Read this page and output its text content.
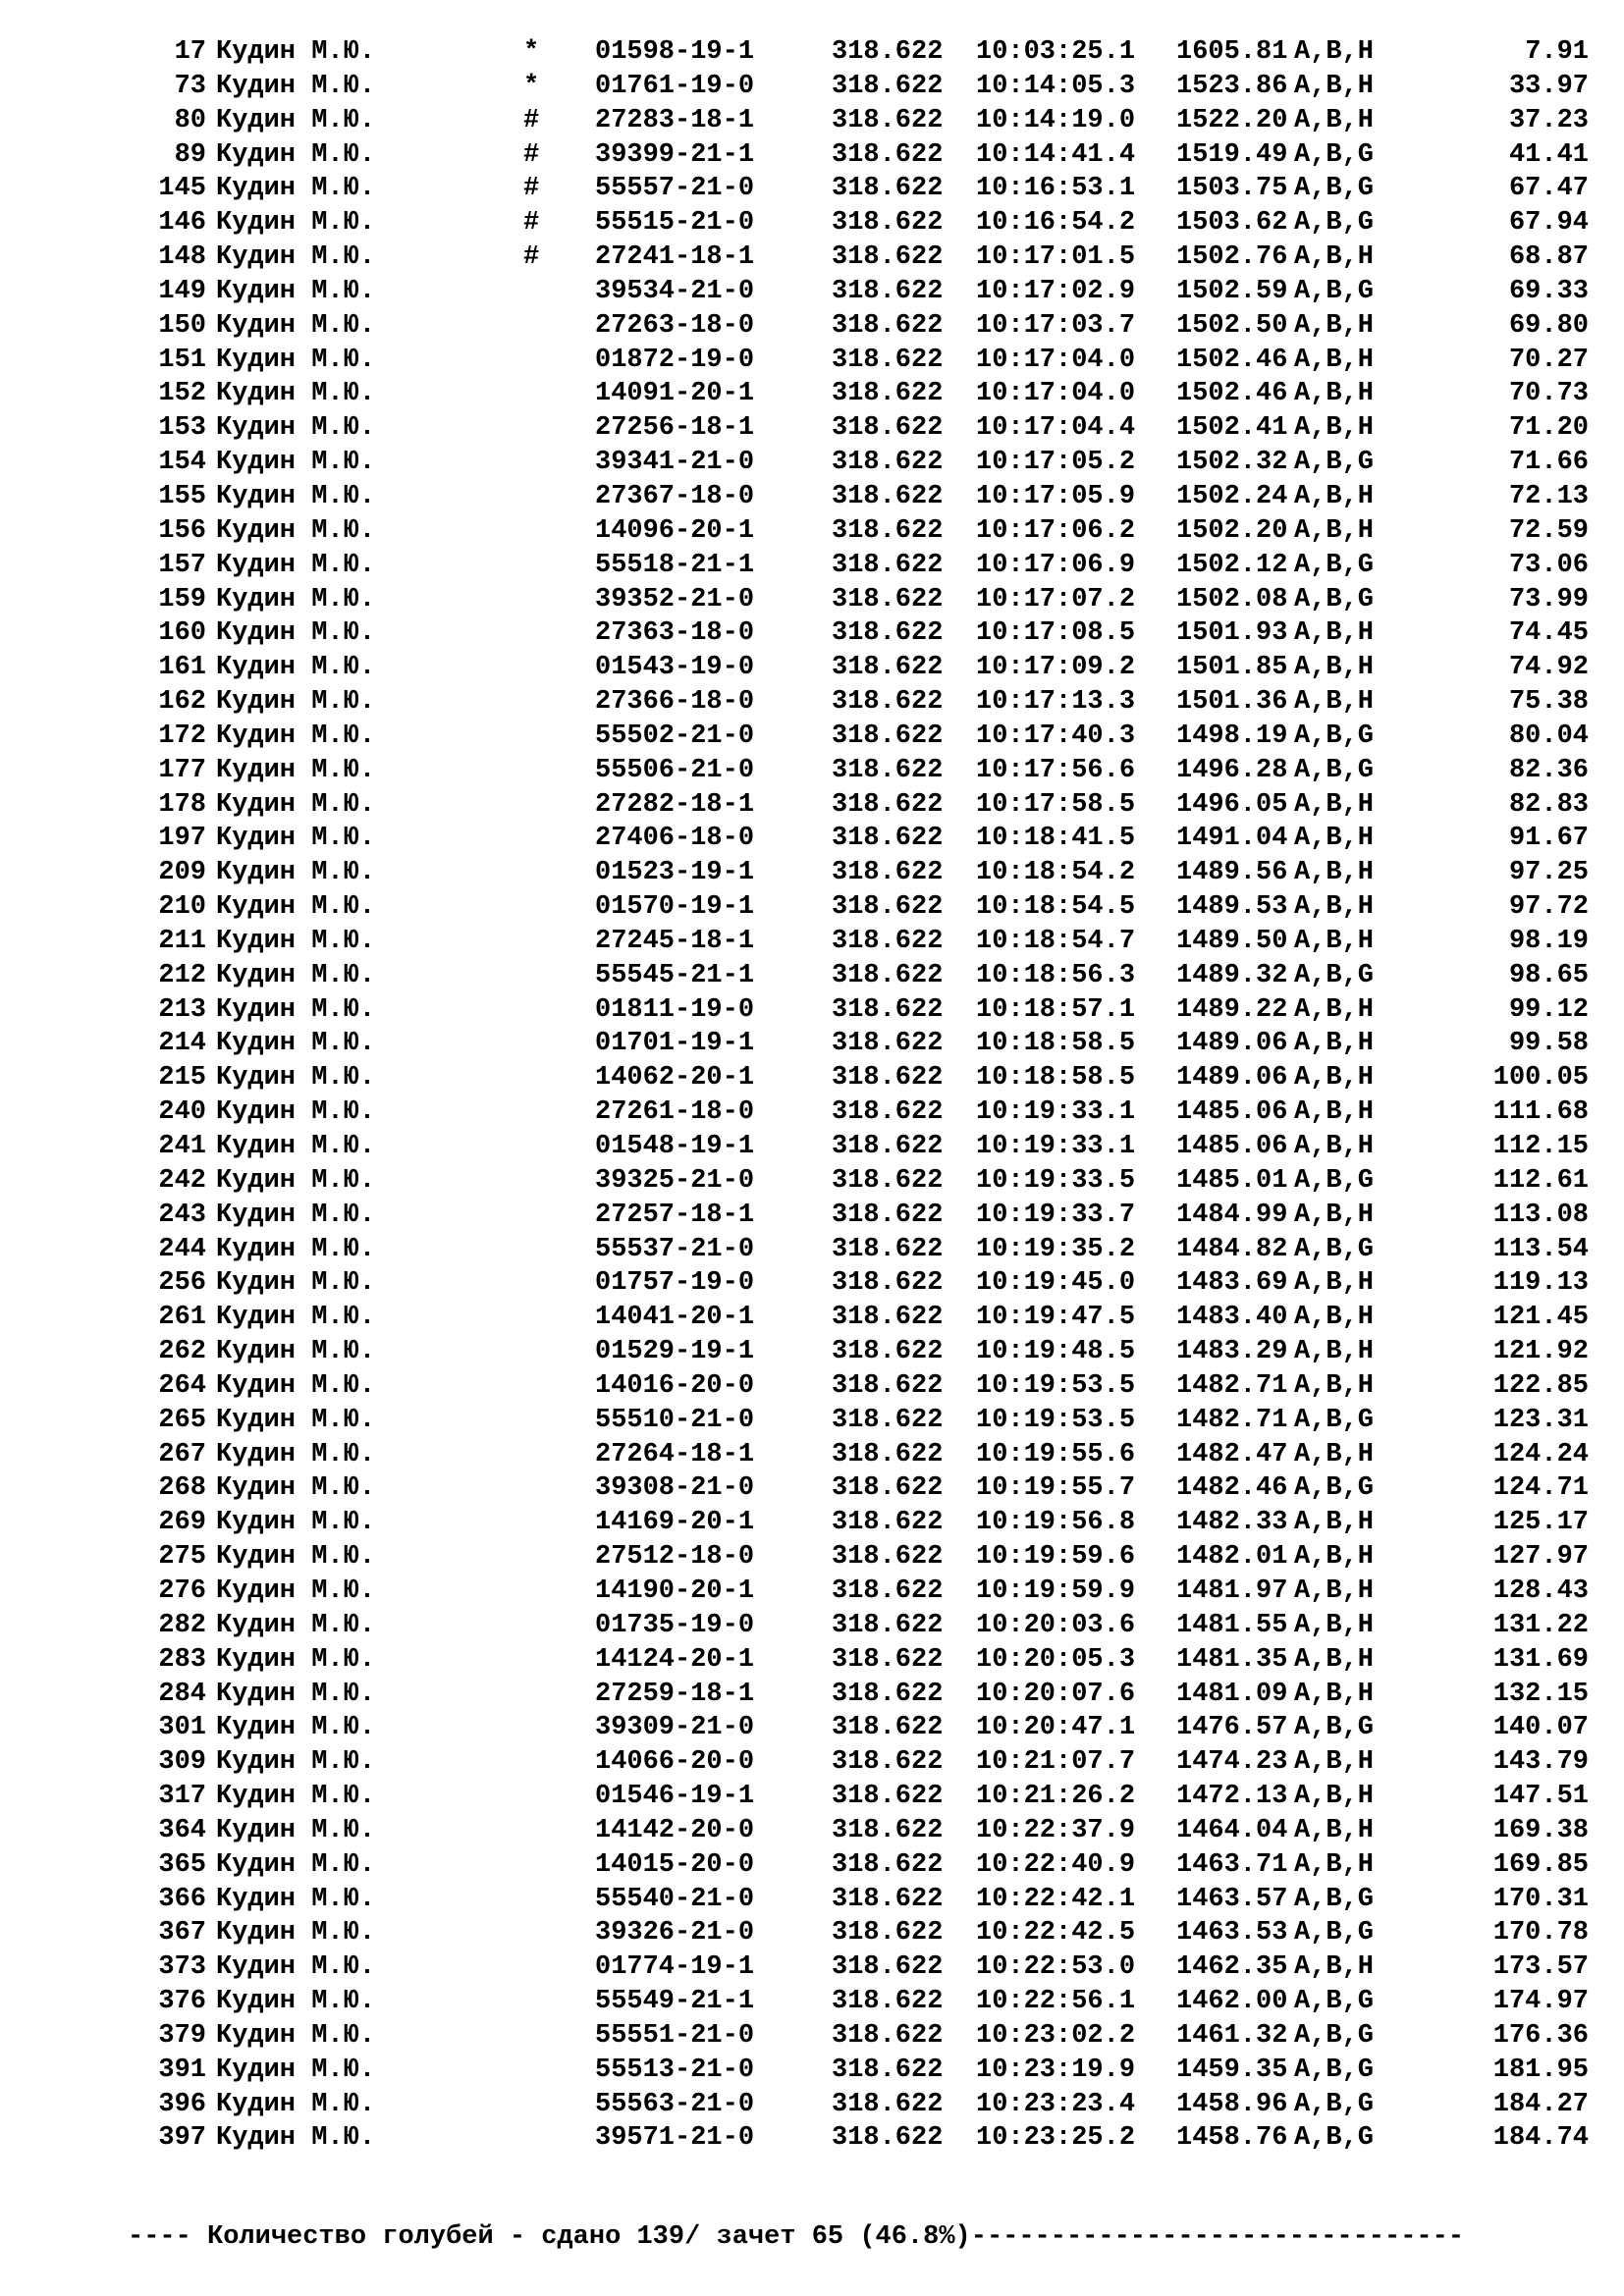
17 Кудин М.Ю.	* 01598-19-1	318.622 10:03:25.1 1605.81 A,B,H	7.91
73 Кудин М.Ю.	* 01761-19-0	318.622 10:14:05.3 1523.86 A,B,H	33.97
80 Кудин М.Ю.	# 27283-18-1	318.622 10:14:19.0 1522.20 A,B,H	37.23
89 Кудин М.Ю.	# 39399-21-1	318.622 10:14:41.4 1519.49 A,B,G	41.41
145 Кудин М.Ю.	# 55557-21-0	318.622 10:16:53.1 1503.75 A,B,G	67.47
146 Кудин М.Ю.	# 55515-21-0	318.622 10:16:54.2 1503.62 A,B,G	67.94
148 Кудин М.Ю.	# 27241-18-1	318.622 10:17:01.5 1502.76 A,B,H	68.87
149 Кудин М.Ю.	39534-21-0	318.622 10:17:02.9 1502.59 A,B,G	69.33
150 Кудин М.Ю.	27263-18-0	318.622 10:17:03.7 1502.50 A,B,H	69.80
151 Кудин М.Ю.	01872-19-0	318.622 10:17:04.0 1502.46 A,B,H	70.27
152 Кудин М.Ю.	14091-20-1	318.622 10:17:04.0 1502.46 A,B,H	70.73
153 Кудин М.Ю.	27256-18-1	318.622 10:17:04.4 1502.41 A,B,H	71.20
154 Кудин М.Ю.	39341-21-0	318.622 10:17:05.2 1502.32 A,B,G	71.66
155 Кудин М.Ю.	27367-18-0	318.622 10:17:05.9 1502.24 A,B,H	72.13
156 Кудин М.Ю.	14096-20-1	318.622 10:17:06.2 1502.20 A,B,H	72.59
157 Кудин М.Ю.	55518-21-1	318.622 10:17:06.9 1502.12 A,B,G	73.06
159 Кудин М.Ю.	39352-21-0	318.622 10:17:07.2 1502.08 A,B,G	73.99
160 Кудин М.Ю.	27363-18-0	318.622 10:17:08.5 1501.93 A,B,H	74.45
161 Кудин М.Ю.	01543-19-0	318.622 10:17:09.2 1501.85 A,B,H	74.92
162 Кудин М.Ю.	27366-18-0	318.622 10:17:13.3 1501.36 A,B,H	75.38
172 Кудин М.Ю.	55502-21-0	318.622 10:17:40.3 1498.19 A,B,G	80.04
177 Кудин М.Ю.	55506-21-0	318.622 10:17:56.6 1496.28 A,B,G	82.36
178 Кудин М.Ю.	27282-18-1	318.622 10:17:58.5 1496.05 A,B,H	82.83
197 Кудин М.Ю.	27406-18-0	318.622 10:18:41.5 1491.04 A,B,H	91.67
209 Кудин М.Ю.	01523-19-1	318.622 10:18:54.2 1489.56 A,B,H	97.25
210 Кудин М.Ю.	01570-19-1	318.622 10:18:54.5 1489.53 A,B,H	97.72
211 Кудин М.Ю.	27245-18-1	318.622 10:18:54.7 1489.50 A,B,H	98.19
212 Кудин М.Ю.	55545-21-1	318.622 10:18:56.3 1489.32 A,B,G	98.65
213 Кудин М.Ю.	01811-19-0	318.622 10:18:57.1 1489.22 A,B,H	99.12
214 Кудин М.Ю.	01701-19-1	318.622 10:18:58.5 1489.06 A,B,H	99.58
215 Кудин М.Ю.	14062-20-1	318.622 10:18:58.5 1489.06 A,B,H	100.05
240 Кудин М.Ю.	27261-18-0	318.622 10:19:33.1 1485.06 A,B,H	111.68
241 Кудин М.Ю.	01548-19-1	318.622 10:19:33.1 1485.06 A,B,H	112.15
242 Кудин М.Ю.	39325-21-0	318.622 10:19:33.5 1485.01 A,B,G	112.61
243 Кудин М.Ю.	27257-18-1	318.622 10:19:33.7 1484.99 A,B,H	113.08
244 Кудин М.Ю.	55537-21-0	318.622 10:19:35.2 1484.82 A,B,G	113.54
256 Кудин М.Ю.	01757-19-0	318.622 10:19:45.0 1483.69 A,B,H	119.13
261 Кудин М.Ю.	14041-20-1	318.622 10:19:47.5 1483.40 A,B,H	121.45
262 Кудин М.Ю.	01529-19-1	318.622 10:19:48.5 1483.29 A,B,H	121.92
264 Кудин М.Ю.	14016-20-0	318.622 10:19:53.5 1482.71 A,B,H	122.85
265 Кудин М.Ю.	55510-21-0	318.622 10:19:53.5 1482.71 A,B,G	123.31
267 Кудин М.Ю.	27264-18-1	318.622 10:19:55.6 1482.47 A,B,H	124.24
268 Кудин М.Ю.	39308-21-0	318.622 10:19:55.7 1482.46 A,B,G	124.71
269 Кудин М.Ю.	14169-20-1	318.622 10:19:56.8 1482.33 A,B,H	125.17
275 Кудин М.Ю.	27512-18-0	318.622 10:19:59.6 1482.01 A,B,H	127.97
276 Кудин М.Ю.	14190-20-1	318.622 10:19:59.9 1481.97 A,B,H	128.43
282 Кудин М.Ю.	01735-19-0	318.622 10:20:03.6 1481.55 A,B,H	131.22
283 Кудин М.Ю.	14124-20-1	318.622 10:20:05.3 1481.35 A,B,H	131.69
284 Кудин М.Ю.	27259-18-1	318.622 10:20:07.6 1481.09 A,B,H	132.15
301 Кудин М.Ю.	39309-21-0	318.622 10:20:47.1 1476.57 A,B,G	140.07
309 Кудин М.Ю.	14066-20-0	318.622 10:21:07.7 1474.23 A,B,H	143.79
317 Кудин М.Ю.	01546-19-1	318.622 10:21:26.2 1472.13 A,B,H	147.51
364 Кудин М.Ю.	14142-20-0	318.622 10:22:37.9 1464.04 A,B,H	169.38
365 Кудин М.Ю.	14015-20-0	318.622 10:22:40.9 1463.71 A,B,H	169.85
366 Кудин М.Ю.	55540-21-0	318.622 10:22:42.1 1463.57 A,B,G	170.31
367 Кудин М.Ю.	39326-21-0	318.622 10:22:42.5 1463.53 A,B,G	170.78
373 Кудин М.Ю.	01774-19-1	318.622 10:22:53.0 1462.35 A,B,H	173.57
376 Кудин М.Ю.	55549-21-1	318.622 10:22:56.1 1462.00 A,B,G	174.97
379 Кудин М.Ю.	55551-21-0	318.622 10:23:02.2 1461.32 A,B,G	176.36
391 Кудин М.Ю.	55513-21-0	318.622 10:23:19.9 1459.35 A,B,G	181.95
396 Кудин М.Ю.	55563-21-0	318.622 10:23:23.4 1458.96 A,B,G	184.27
397 Кудин М.Ю.	39571-21-0	318.622 10:23:25.2 1458.76 A,B,G	184.74
---- Количество голубей - сдано 139/ зачет 65 (46.8%)-------------------------------
